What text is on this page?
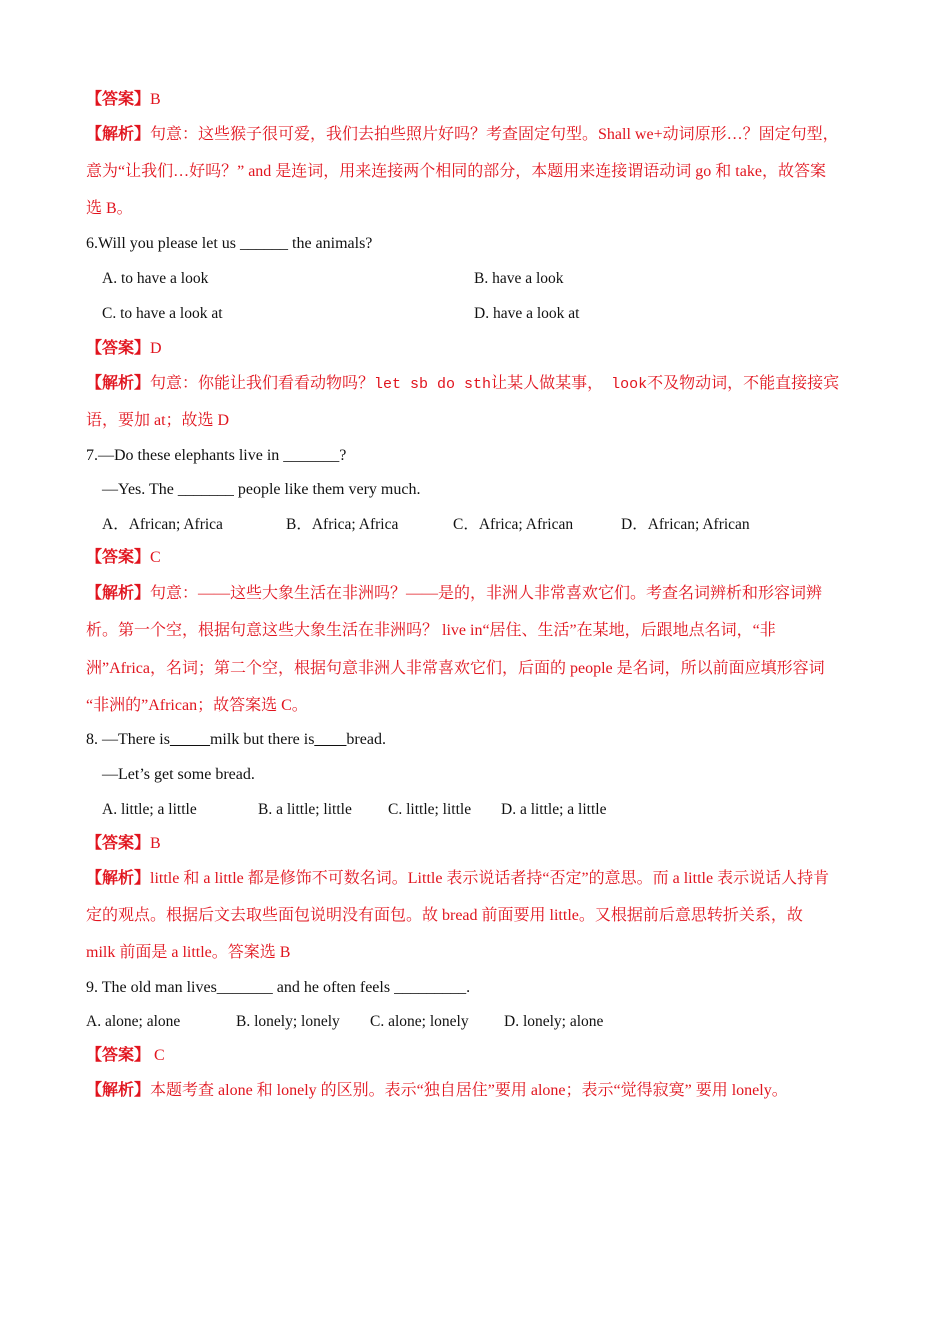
【答案】B
【解析】句意：这些猴子很可爱，我们去拍些照片好吗？考查固定句型。Shall we+动词原形…？固定句型，
意为“让我们…好吗？” and 是连词，用来连接两个相同的部分，本题用来连接谓语动词 go 和 take，故答案
选 B。
6.Will you please let us ______ the animals?
A. to have a look	B. have a look
C. to have a look at	D. have a look at
【答案】D
【解析】句意：你能让我们看看动物吗？let sb do sth让某人做某事， look不及物动词，不能直接接宾
语，要加 at；故选 D
7.—Do these elephants live in _______?
—Yes. The _______ people like them very much.
A．African; Africa	B．Africa; Africa	C．Africa; African	D．African; African
【答案】C
【解析】句意：——这些大象生活在非洲吗？——是的，非洲人非常喜欢它们。考查名词辨析和形容词辨
析。第一个空，根据句意这些大象生活在非洲吗？ live in“居住、生活”在某地，后跟地点名词，“非
洲”Africa，名词；第二个空，根据句意非洲人非常喜欢它们，后面的 people 是名词，所以前面应填形容词
“非洲的”African；故答案选 C。
8. —There is_____milk but there is____bread.
—Let’s get some bread.
A. little; a little	B. a little; little C. little; little D. a little; a little
【答案】B
【解析】little 和 a little 都是修饰不可数名词。Little 表示说话者持“否定”的意思。而 a little 表示说话人持肯
定的观点。根据后文去取些面包说明没有面包。故 bread 前面要用 little。又根据前后意思转折关系，故
milk 前面是 a little。答案选 B
9. The old man lives_______ and he often feels _________.
A. alone; alone	B. lonely; lonely C. alone; lonely D. lonely; alone
【答案】 C
【解析】本题考查 alone 和 lonely 的区别。表示“独自居住”要用 alone；表示“觉得寂寞” 要用 lonely。
